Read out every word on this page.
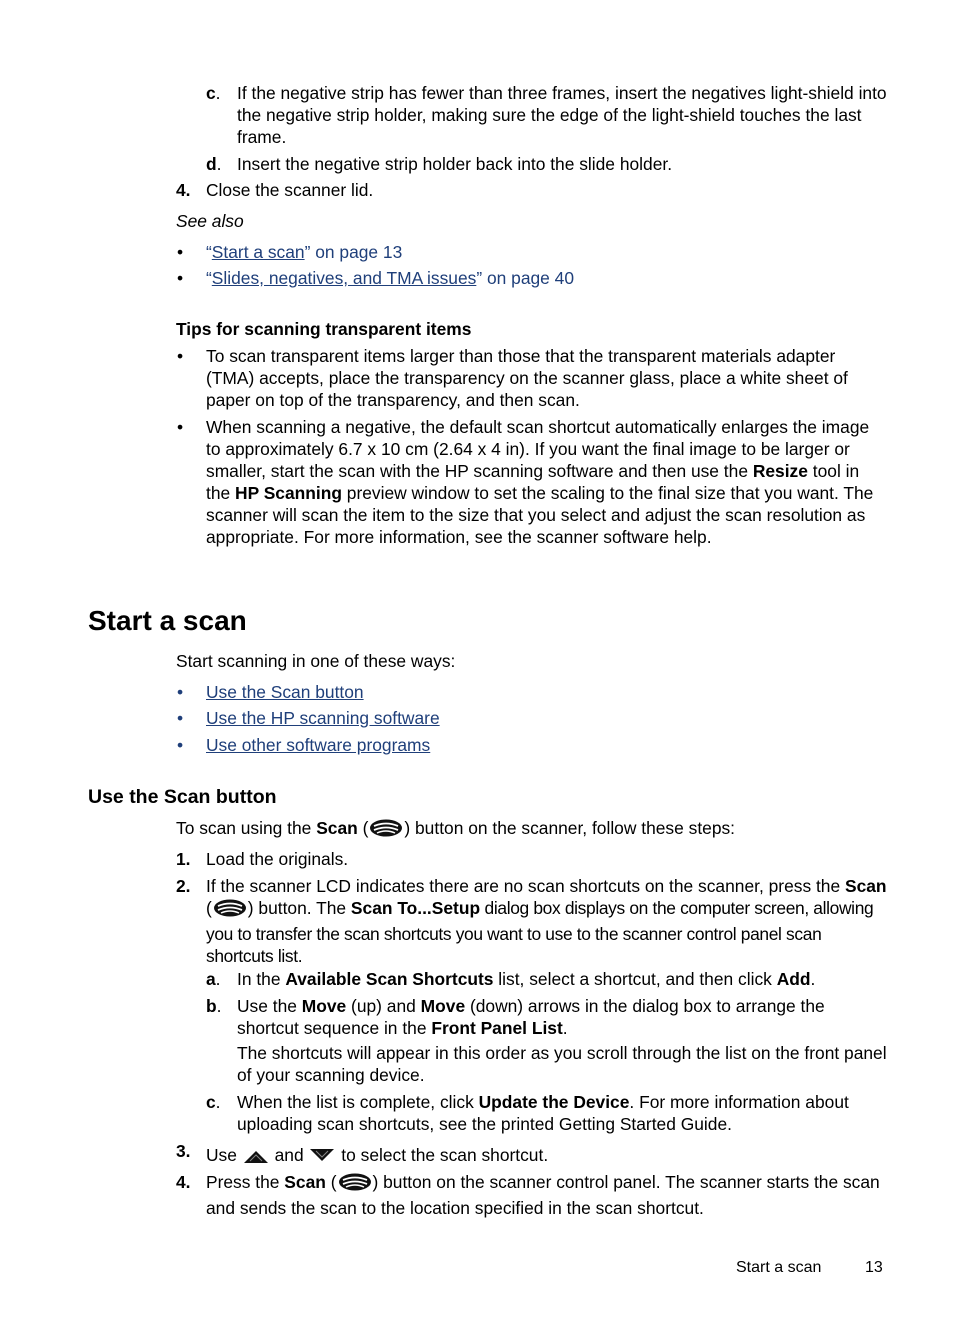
c. If the negative strip has fewer than three frames, insert the negatives light-shield into the negative strip holder, making sure the edge of the light-shield touches the last frame.
d. Insert the negative strip holder back into the slide holder.
4. Close the scanner lid.
See also
• “Start a scan” on page 13
• “Slides, negatives, and TMA issues” on page 40
Tips for scanning transparent items
• To scan transparent items larger than those that the transparent materials adapter (TMA) accepts, place the transparency on the scanner glass, place a white sheet of paper on top of the transparency, and then scan.
• When scanning a negative, the default scan shortcut automatically enlarges the image to approximately 6.7 x 10 cm (2.64 x 4 in). If you want the final image to be larger or smaller, start the scan with the HP scanning software and then use the Resize tool in the HP Scanning preview window to set the scaling to the final size that you want. The scanner will scan the item to the size that you select and adjust the scan resolution as appropriate. For more information, see the scanner software help.
Start a scan
Start scanning in one of these ways:
• Use the Scan button
• Use the HP scanning software
• Use other software programs
Use the Scan button
To scan using the Scan ( ) button on the scanner, follow these steps:
1. Load the originals.
2. If the scanner LCD indicates there are no scan shortcuts on the scanner, press the Scan ( ) button. The Scan To...Setup dialog box displays on the computer screen, allowing you to transfer the scan shortcuts you want to use to the scanner control panel scan shortcuts list.
a. In the Available Scan Shortcuts list, select a shortcut, and then click Add.
b. Use the Move (up) and Move (down) arrows in the dialog box to arrange the shortcut sequence in the Front Panel List.
The shortcuts will appear in this order as you scroll through the list on the front panel of your scanning device.
c. When the list is complete, click Update the Device. For more information about uploading scan shortcuts, see the printed Getting Started Guide.
3. Use  and  to select the scan shortcut.
4. Press the Scan ( ) button on the scanner control panel. The scanner starts the scan and sends the scan to the location specified in the scan shortcut.
Start a scan	13
